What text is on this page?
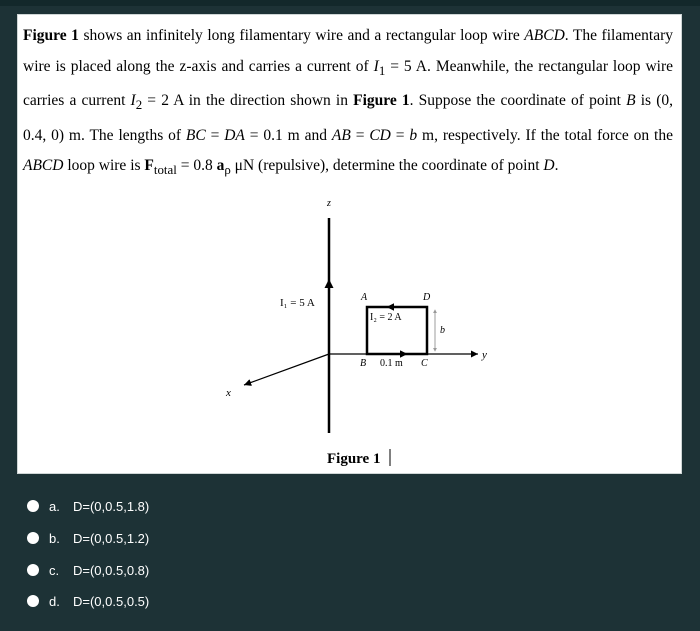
Figure 1 shows an infinitely long filamentary wire and a rectangular loop wire ABCD. The filamentary wire is placed along the z-axis and carries a current of $I_1 = 5$ A. Meanwhile, the rectangular loop wire carries a current $I_2 = 2$ A in the direction shown in Figure 1. Suppose the coordinate of point B is (0, 0.4, 0) m. The lengths of BC = DA = 0.1 m and AB = CD = b m, respectively. If the total force on the ABCD loop wire is $F_{total} = 0.8$ $a_\rho$ μN (repulsive), determine the coordinate of point D.
z
y
x
I₁ = 5 A
I₂ = 2 A
A	D
B	C
0.1 m
b
Figure 1
a.	D=(0,0.5,1.8)
b.	D=(0,0.5,1.2)
c.	D=(0,0.5,0.8)
d.	D=(0,0.5,0.5)
